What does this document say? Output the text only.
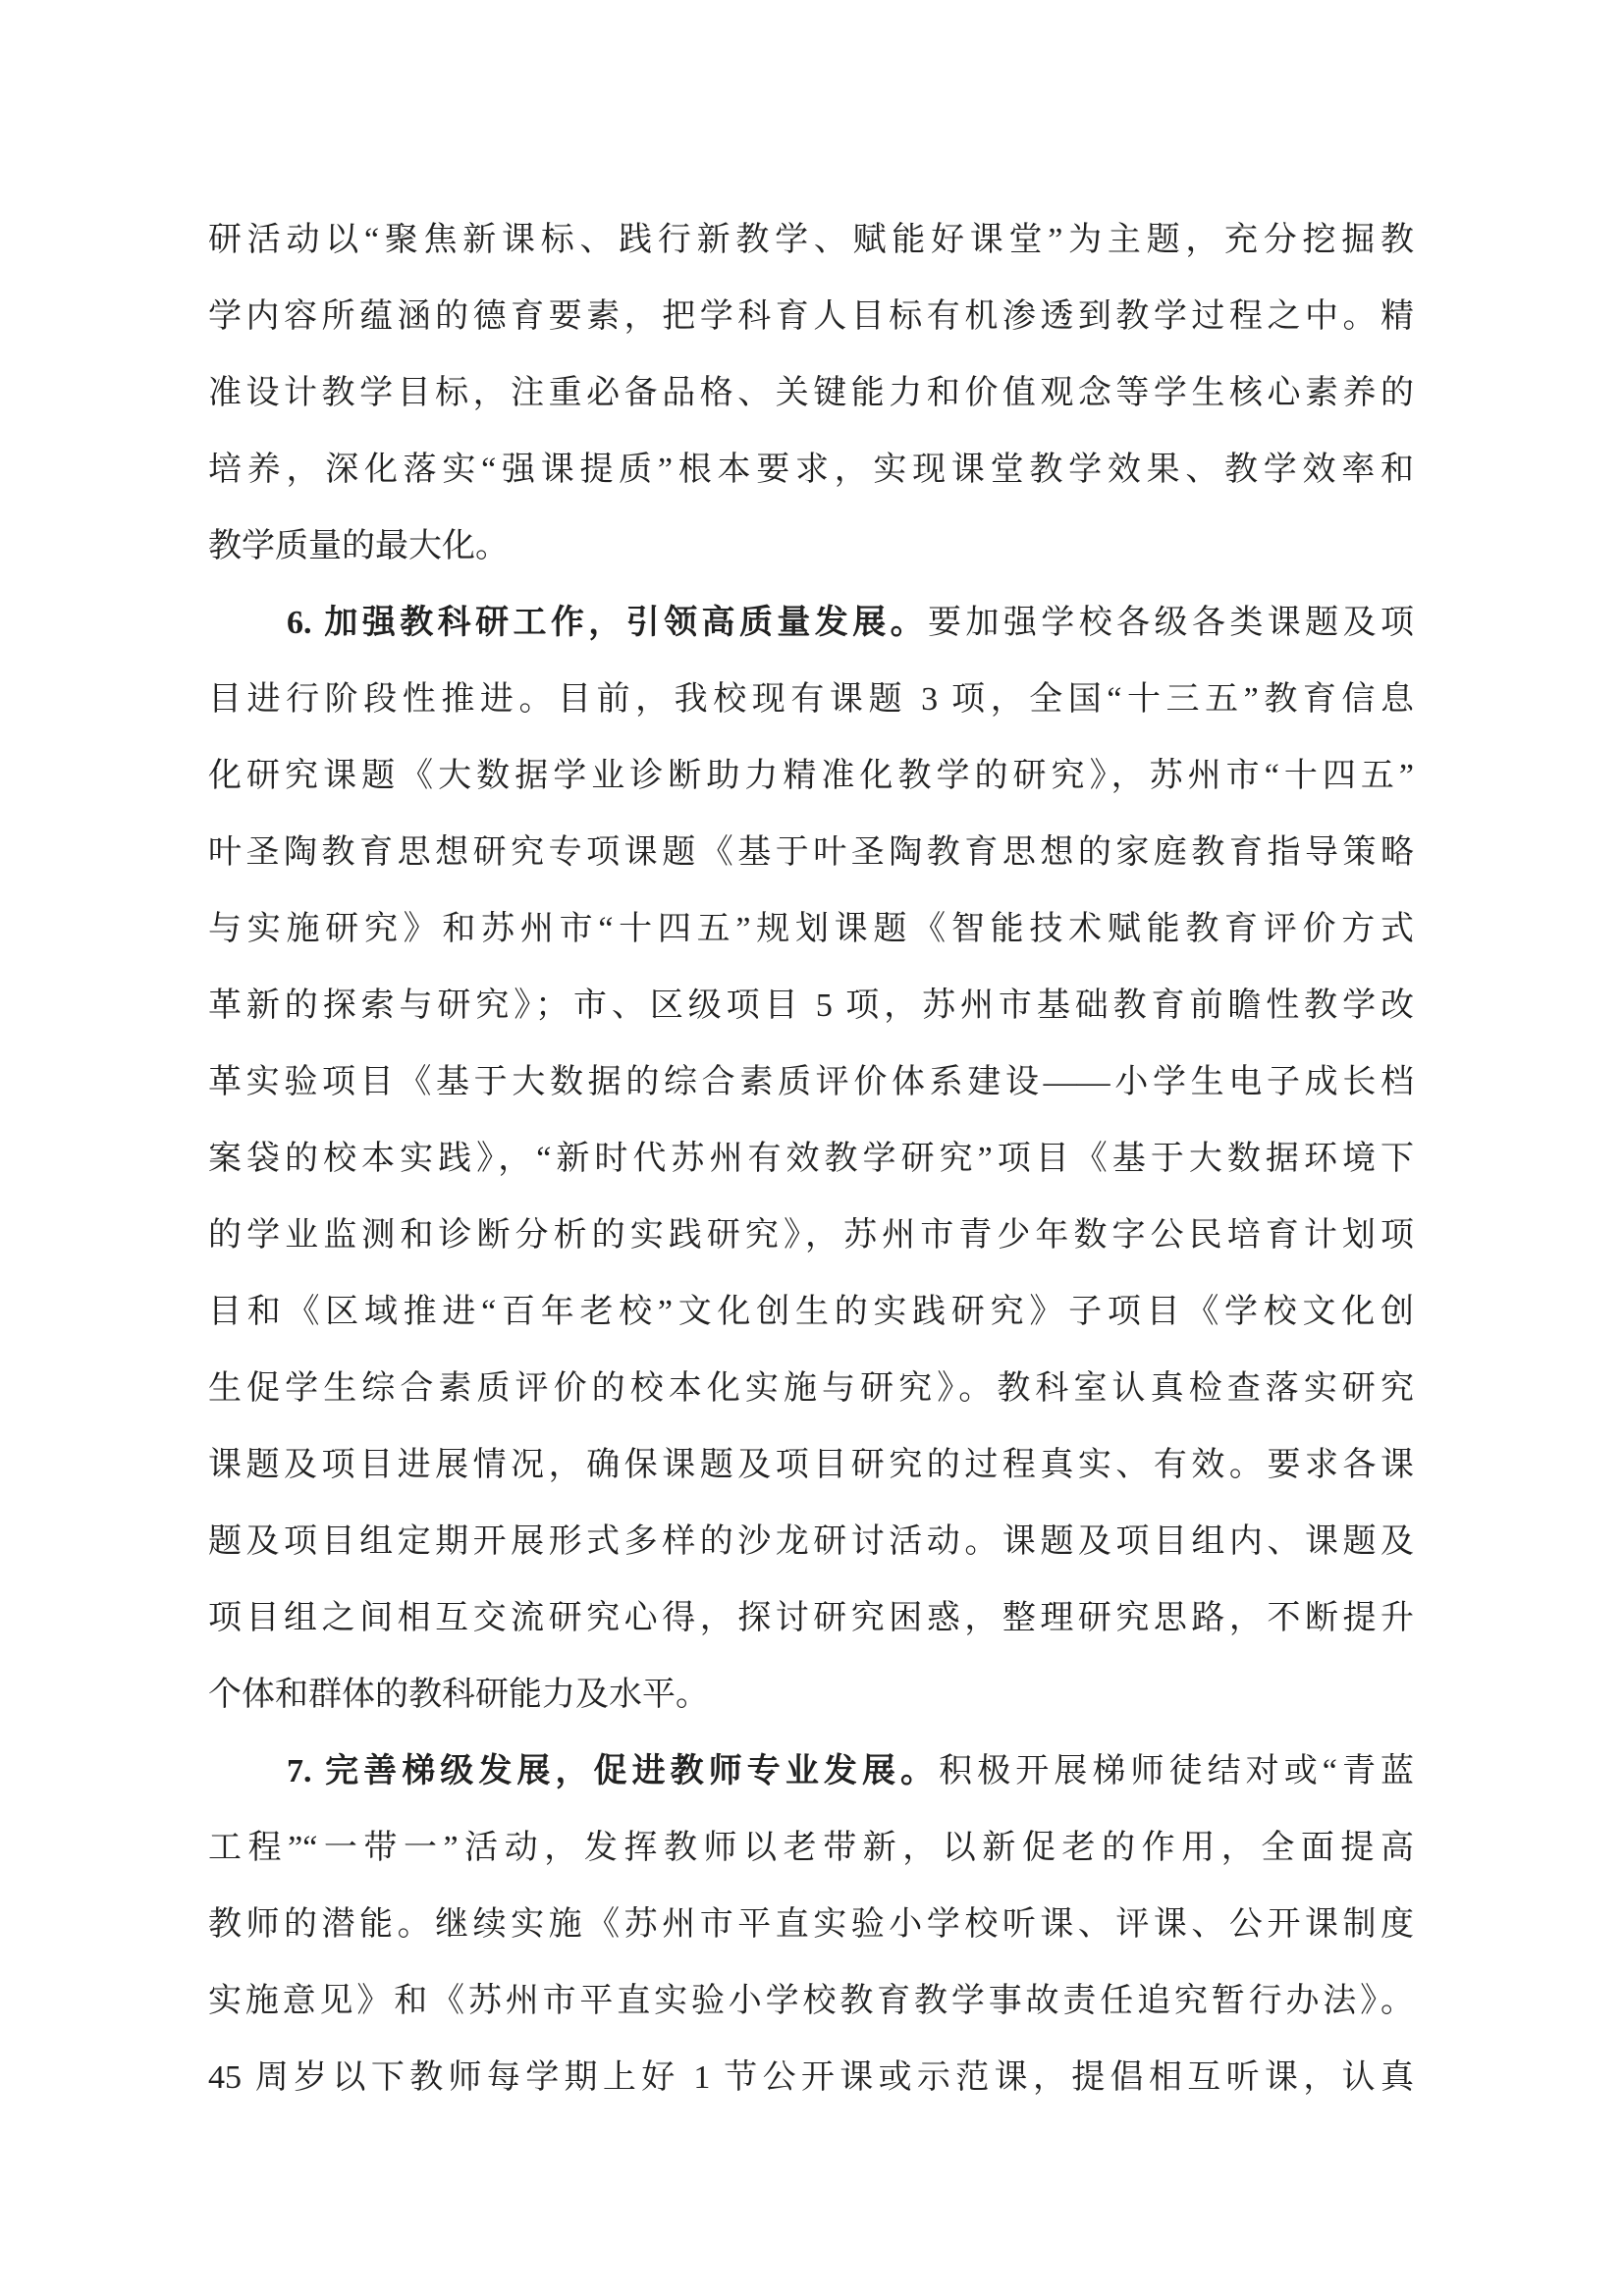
研活动以“聚焦新课标、践行新教学、赋能好课堂”为主题，充分挖掘教
学内容所蕴涵的德育要素，把学科育人目标有机渗透到教学过程之中。精
准设计教学目标，注重必备品格、关键能力和价值观念等学生核心素养的
培养，深化落实“强课提质”根本要求，实现课堂教学效果、教学效率和
教学质量的最大化。
6. 加强教科研工作，引领高质量发展。要加强学校各级各类课题及项
目进行阶段性推进。目前，我校现有课题 3 项，全国“十三五”教育信息
化研究课题《大数据学业诊断助力精准化教学的研究》，苏州市“十四五”
叶圣陶教育思想研究专项课题《基于叶圣陶教育思想的家庭教育指导策略
与实施研究》和苏州市“十四五”规划课题《智能技术赋能教育评价方式
革新的探索与研究》；市、区级项目 5 项，苏州市基础教育前瞻性教学改
革实验项目《基于大数据的综合素质评价体系建设——小学生电子成长档
案袋的校本实践》，“新时代苏州有效教学研究”项目《基于大数据环境下
的学业监测和诊断分析的实践研究》，苏州市青少年数字公民培育计划项
目和《区域推进“百年老校”文化创生的实践研究》子项目《学校文化创
生促学生综合素质评价的校本化实施与研究》。教科室认真检查落实研究
课题及项目进展情况，确保课题及项目研究的过程真实、有效。要求各课
题及项目组定期开展形式多样的沙龙研讨活动。课题及项目组内、课题及
项目组之间相互交流研究心得，探讨研究困惑，整理研究思路，不断提升
个体和群体的教科研能力及水平。
7. 完善梯级发展，促进教师专业发展。积极开展梯师徒结对或“青蓝
工程”“一带一”活动，发挥教师以老带新，以新促老的作用，全面提高
教师的潜能。继续实施《苏州市平直实验小学校听课、评课、公开课制度
实施意见》和《苏州市平直实验小学校教育教学事故责任追究暂行办法》。
45 周岁以下教师每学期上好 1 节公开课或示范课，提倡相互听课，认真
